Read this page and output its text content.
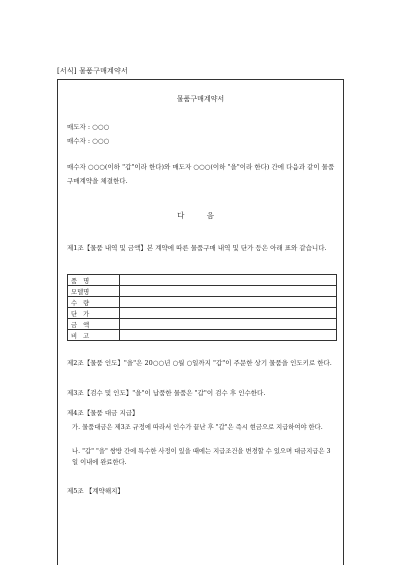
[서식] 물품구매계약서
물품구매계약서
매도자 : ○○○
매수자 : ○○○
매수자 ○○○(이하 "갑"이라 한다)와 매도자 ○○○(이하 "을"이라 한다) 간에 다음과 같이 물품구매계약을 체결한다.
다 음
제1조【물품 내역 및 금액】본 계약에 따른 물품구매 내역 및 단가 등은 아래 표와 같습니다.
품 명	
모델명	
수 량	
단 가	
금 액	
비 고	
제2조【물품 인도】"을"은 20○○년 ○월 ○일까지 "갑"이 주문한 상기 물품을 인도키로 한다.
제3조【검수 및 인도】"을"이 납품한 물품은 "갑"이 검수 후 인수한다.
제4조【물품 대금 지급】
가. 물품대금은 제3조 규정에 따라서 인수가 끝난 후 "갑"은 즉시 현금으로 지급하여야 한다.
나. "갑" "을" 쌍방 간에 특수한 사정이 있을 때에는 지급조건을 변경할 수 있으며 대금지급은 3일 이내에 완료한다.
제5조 【계약해지】
